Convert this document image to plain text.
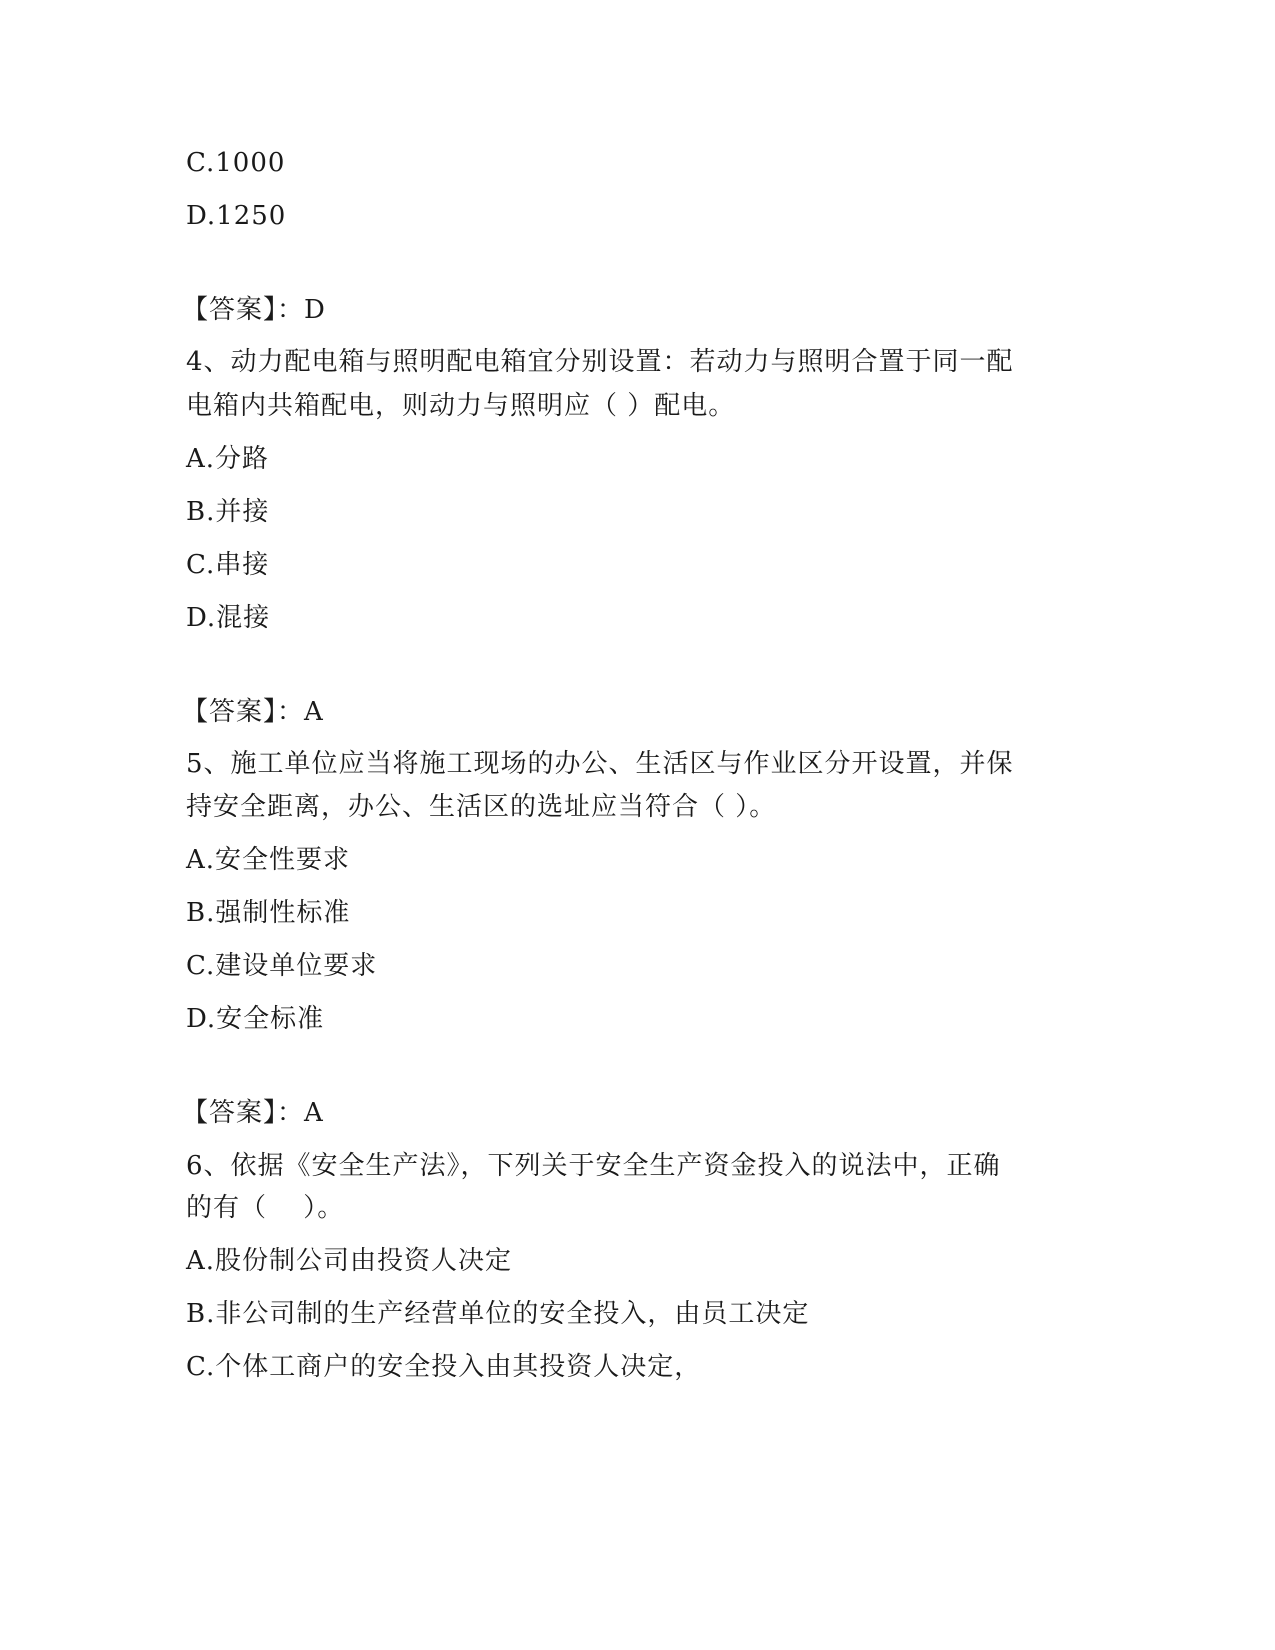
C.1000
D.1250
【答案】：D
4、动力配电箱与照明配电箱宜分别设置：若动力与照明合置于同一配
电箱内共箱配电，则动力与照明应（ ）配电。
A.分路
B.并接
C.串接
D.混接
【答案】：A
5、施工单位应当将施工现场的办公、生活区与作业区分开设置，并保
持安全距离，办公、生活区的选址应当符合（ ）。
A.安全性要求
B.强制性标准
C.建设单位要求
D.安全标准
【答案】：A
6、依据《安全生产法》，下列关于安全生产资金投入的说法中，正确
的有（　 ）。
A.股份制公司由投资人决定
B.非公司制的生产经营单位的安全投入，由员工决定
C.个体工商户的安全投入由其投资人决定，
